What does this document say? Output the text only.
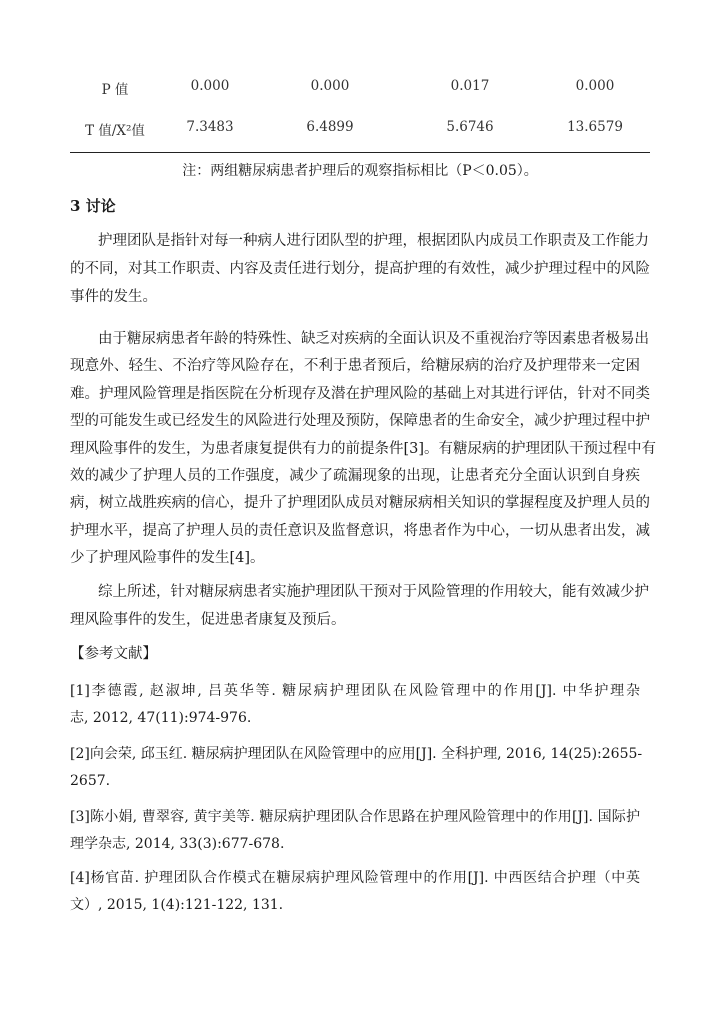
P 值	0.000	0.000	0.017	0.000
T 值/X²值	7.3483	6.4899	5.6746	13.6579
注：两组糖尿病患者护理后的观察指标相比（P＜0.05）。
3 讨论
护理团队是指针对每一种病人进行团队型的护理，根据团队内成员工作职责及工作能力
的不同，对其工作职责、内容及责任进行划分，提高护理的有效性，减少护理过程中的风险
事件的发生。
由于糖尿病患者年龄的特殊性、缺乏对疾病的全面认识及不重视治疗等因素患者极易出
现意外、轻生、不治疗等风险存在，不利于患者预后，给糖尿病的治疗及护理带来一定困
难。护理风险管理是指医院在分析现存及潜在护理风险的基础上对其进行评估，针对不同类
型的可能发生或已经发生的风险进行处理及预防，保障患者的生命安全，减少护理过程中护
理风险事件的发生，为患者康复提供有力的前提条件[3]。有糖尿病的护理团队干预过程中有
效的减少了护理人员的工作强度，减少了疏漏现象的出现，让患者充分全面认识到自身疾
病，树立战胜疾病的信心，提升了护理团队成员对糖尿病相关知识的掌握程度及护理人员的
护理水平，提高了护理人员的责任意识及监督意识，将患者作为中心，一切从患者出发，减
少了护理风险事件的发生[4]。
综上所述，针对糖尿病患者实施护理团队干预对于风险管理的作用较大，能有效减少护
理风险事件的发生，促进患者康复及预后。
【参考文献】
[1]李德霞, 赵淑坤, 吕英华等. 糖尿病护理团队在风险管理中的作用[J]. 中华护理杂
志, 2012, 47(11):974-976.
[2]向会荣, 邱玉红. 糖尿病护理团队在风险管理中的应用[J]. 全科护理, 2016, 14(25):2655-
2657.
[3]陈小娟, 曹翠容, 黄宇美等. 糖尿病护理团队合作思路在护理风险管理中的作用[J]. 国际护
理学杂志, 2014, 33(3):677-678.
[4]杨官苗. 护理团队合作模式在糖尿病护理风险管理中的作用[J]. 中西医结合护理（中英
文）, 2015, 1(4):121-122, 131.
